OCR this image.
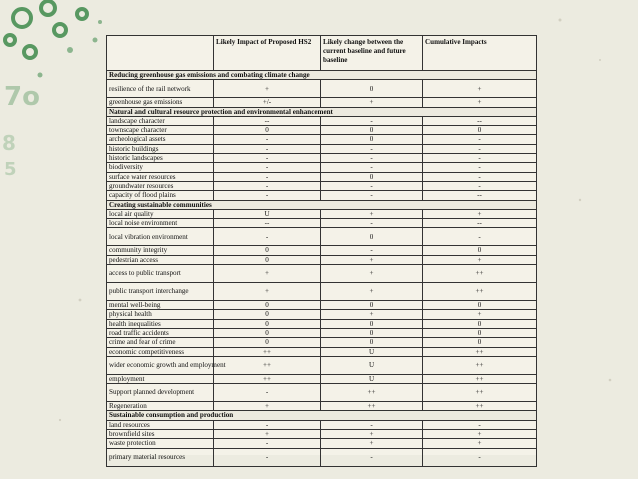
7o
8
5
	Likely Impact of Proposed HS2	Likely change between the current baseline and future baseline	Cumulative Impacts
Reducing greenhouse gas emissions and combating climate change			
resilience of the rail network	+	0	+
greenhouse gas emissions	+/-	+	+
Natural and cultural resource protection and environmental enhancement			
landscape character	--	-	--
townscape character	0	0	0
archeological assets	-	0	-
historic buildings	-	-	-
historic landscapes	-	-	-
biodiversity	-	-	-
surface water resources	-	0	-
groundwater resources	-	-	-
capacity of flood plains	-	-	--
Creating sustainable communities			
local air quality	U	+	+
local noise environment	--	-	--
local vibration environment	-	0	-
community integrity	0	-	0
pedestrian access	0	+	+
access to public transport	+	+	++
public transport interchange	+	+	++
mental well-being	0	0	0
physical health	0	+	+
health inequalities	0	0	0
road traffic accidents	0	0	0
crime and fear of crime	0	0	0
economic competitiveness	++	U	++
wider economic growth and employment	++	U	++
employment	++	U	++
Support planned development	-	++	++
Regeneration	+	++	++
Sustainable consumption and production			
land resources	-	-	-
brownfield sites	+	+	+
waste protection	-	+	+
primary material resources	-	-	-
